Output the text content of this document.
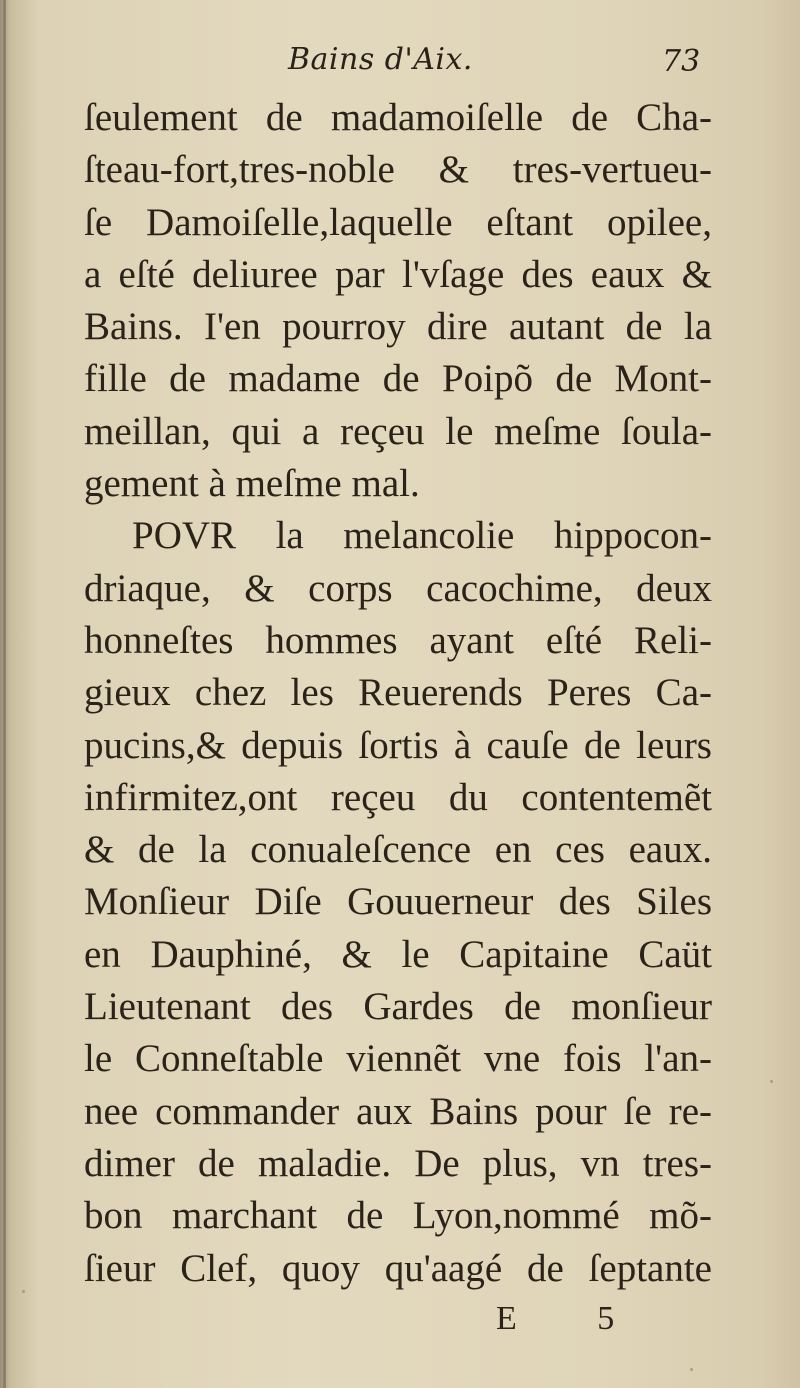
Bains d'Aix.	73
ſeulement de madamoiſelle de Cha-
ſteau-fort,tres-noble & tres-vertueu-
ſe Damoiſelle,laquelle eſtant opilee,
a eſté deliuree par l'vſage des eaux &
Bains. I'en pourroy dire autant de la
fille de madame de Poipõ de Mont-
meillan, qui a reçeu le meſme ſoula-
gement à meſme mal.
POVR la melancolie hippocon-
driaque, & corps cacochime, deux
honneſtes hommes ayant eſté Reli-
gieux chez les Reuerends Peres Ca-
pucins,& depuis ſortis à cauſe de leurs
infirmitez,ont reçeu du contentemẽt
& de la conualeſcence en ces eaux.
Monſieur Diſe Gouuerneur des Siles
en Dauphiné, & le Capitaine Caüt
Lieutenant des Gardes de monſieur
le Conneſtable viennẽt vne fois l'an-
nee commander aux Bains pour ſe re-
dimer de maladie. De plus, vn tres-
bon marchant de Lyon,nommé mõ-
ſieur Clef, quoy qu'aagé de ſeptante
E 5
